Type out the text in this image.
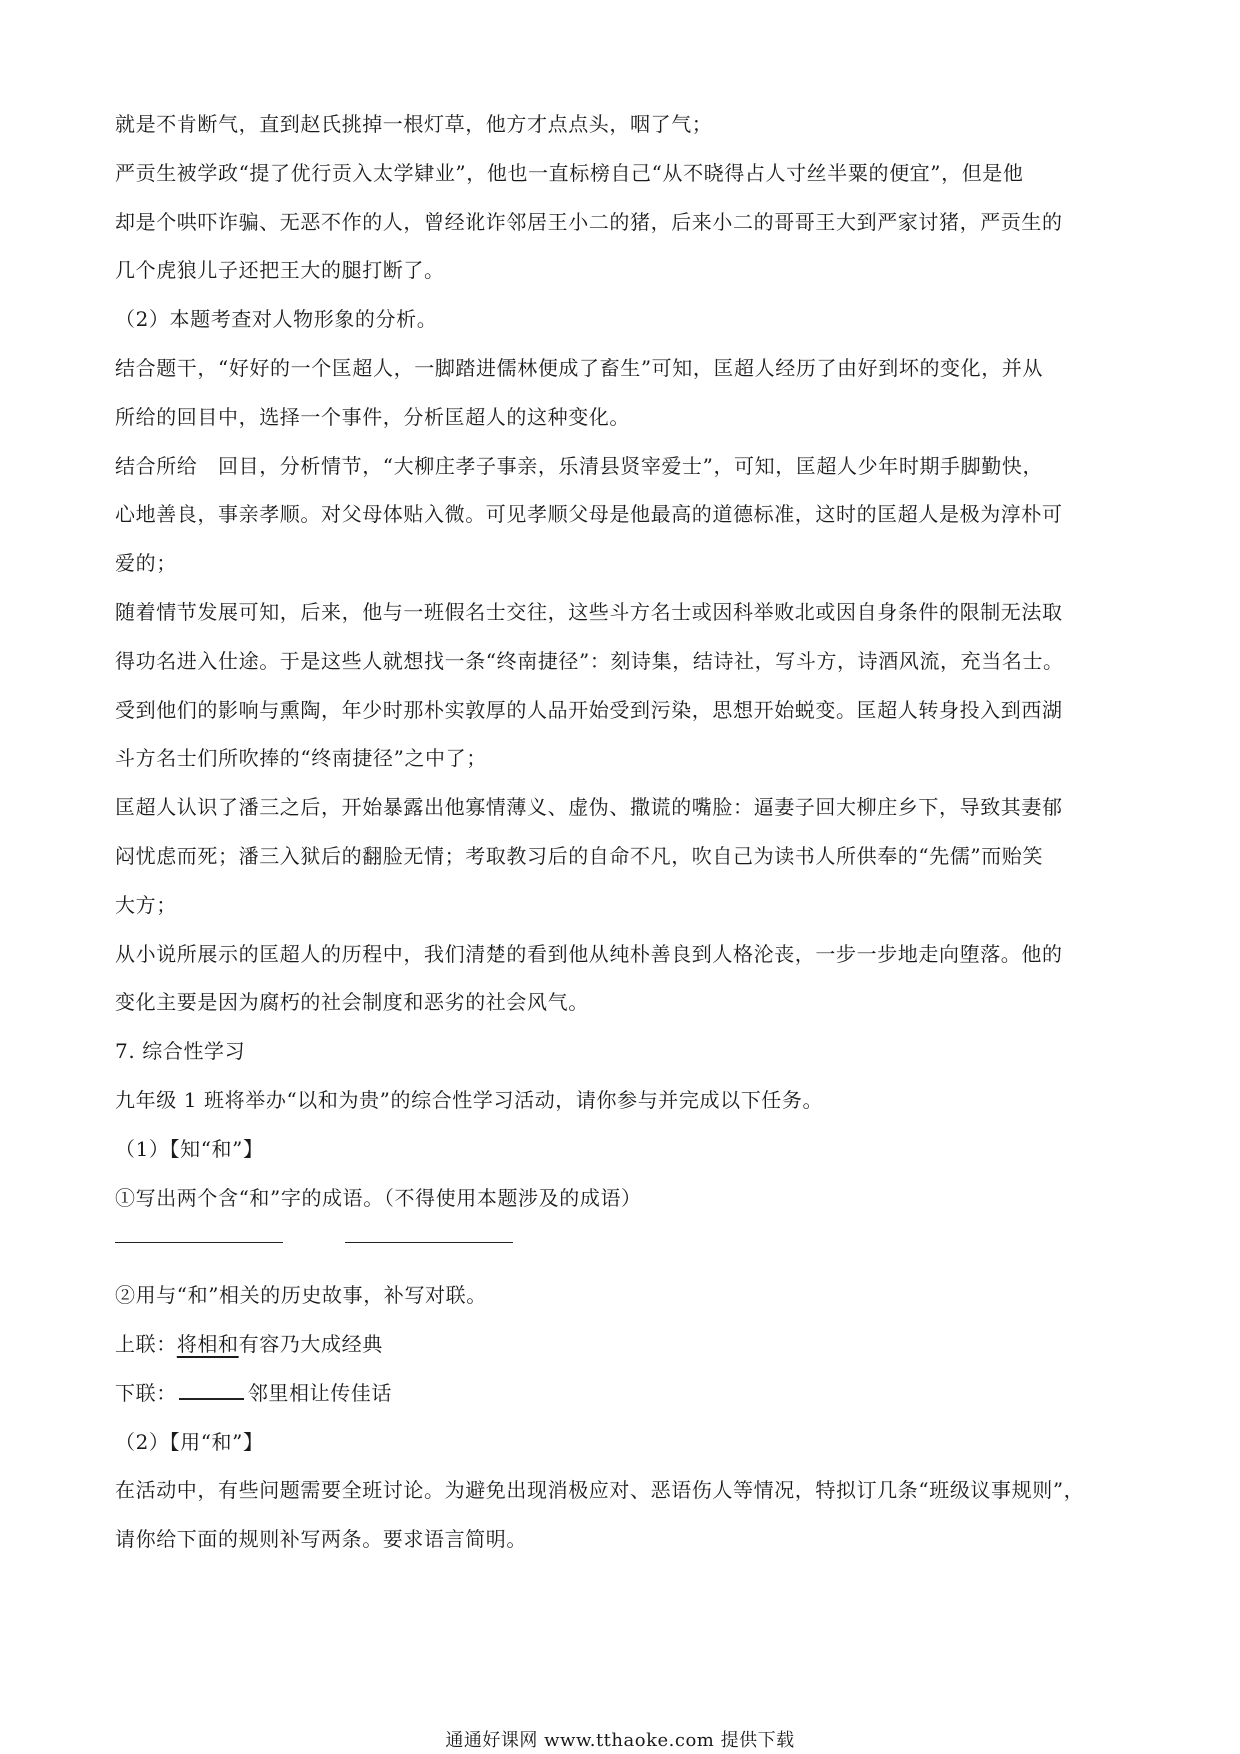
就是不肯断气，直到赵氏挑掉一根灯草，他方才点点头，咽了气；
严贡生被学政“提了优行贡入太学肄业”，他也一直标榜自己“从不晓得占人寸丝半粟的便宜”，但是他
却是个哄吓诈骗、无恶不作的人，曾经讹诈邻居王小二的猪，后来小二的哥哥王大到严家讨猪，严贡生的
几个虎狼儿子还把王大的腿打断了。
（2）本题考查对人物形象的分析。
结合题干，“好好的一个匡超人，一脚踏进儒林便成了畜生”可知，匡超人经历了由好到坏的变化，并从
所给的回目中，选择一个事件，分析匡超人的这种变化。
结合所给　回目，分析情节，“大柳庄孝子事亲，乐清县贤宰爱士”，可知，匡超人少年时期手脚勤快，
心地善良，事亲孝顺。对父母体贴入微。可见孝顺父母是他最高的道德标准，这时的匡超人是极为淳朴可
爱的；
随着情节发展可知，后来，他与一班假名士交往，这些斗方名士或因科举败北或因自身条件的限制无法取
得功名进入仕途。于是这些人就想找一条“终南捷径”：刻诗集，结诗社，写斗方，诗酒风流，充当名士。
受到他们的影响与熏陶，年少时那朴实敦厚的人品开始受到污染，思想开始蜕变。匡超人转身投入到西湖
斗方名士们所吹捧的“终南捷径”之中了；
匡超人认识了潘三之后，开始暴露出他寡情薄义、虚伪、撒谎的嘴脸：逼妻子回大柳庄乡下，导致其妻郁
闷忧虑而死；潘三入狱后的翻脸无情；考取教习后的自命不凡，吹自己为读书人所供奉的“先儒”而贻笑
大方；
从小说所展示的匡超人的历程中，我们清楚的看到他从纯朴善良到人格沦丧，一步一步地走向堕落。他的
变化主要是因为腐朽的社会制度和恶劣的社会风气。
7. 综合性学习
九年级 1 班将举办“以和为贵”的综合性学习活动，请你参与并完成以下任务。
（1）【知“和”】
①写出两个含“和”字的成语。（不得使用本题涉及的成语）
②用与“和”相关的历史故事，补写对联。
上联：将相和有容乃大成经典
下联：	邻里相让传佳话
（2）【用“和”】
在活动中，有些问题需要全班讨论。为避免出现消极应对、恶语伤人等情况，特拟订几条“班级议事规则”，
请你给下面的规则补写两条。要求语言简明。
通通好课网 www.tthaoke.com 提供下载
